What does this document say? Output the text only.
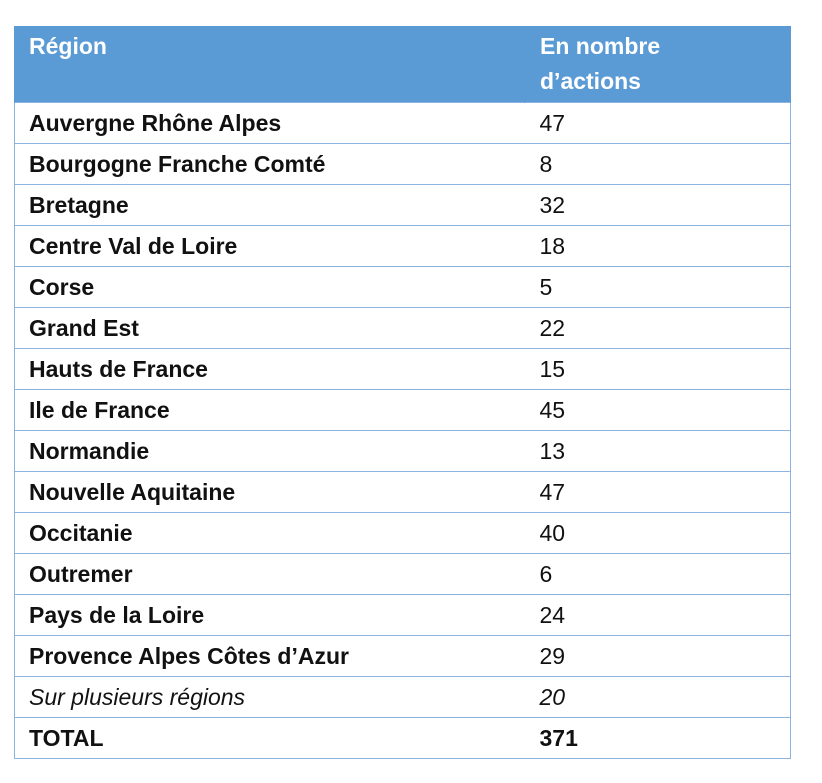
Région	En nombre
d’actions
Auvergne Rhône Alpes	47
Bourgogne Franche Comté	8
Bretagne	32
Centre Val de Loire	18
Corse	5
Grand Est	22
Hauts de France	15
Ile de France	45
Normandie	13
Nouvelle Aquitaine	47
Occitanie	40
Outremer	6
Pays de la Loire	24
Provence Alpes Côtes d’Azur	29
Sur plusieurs régions	20
TOTAL	371
